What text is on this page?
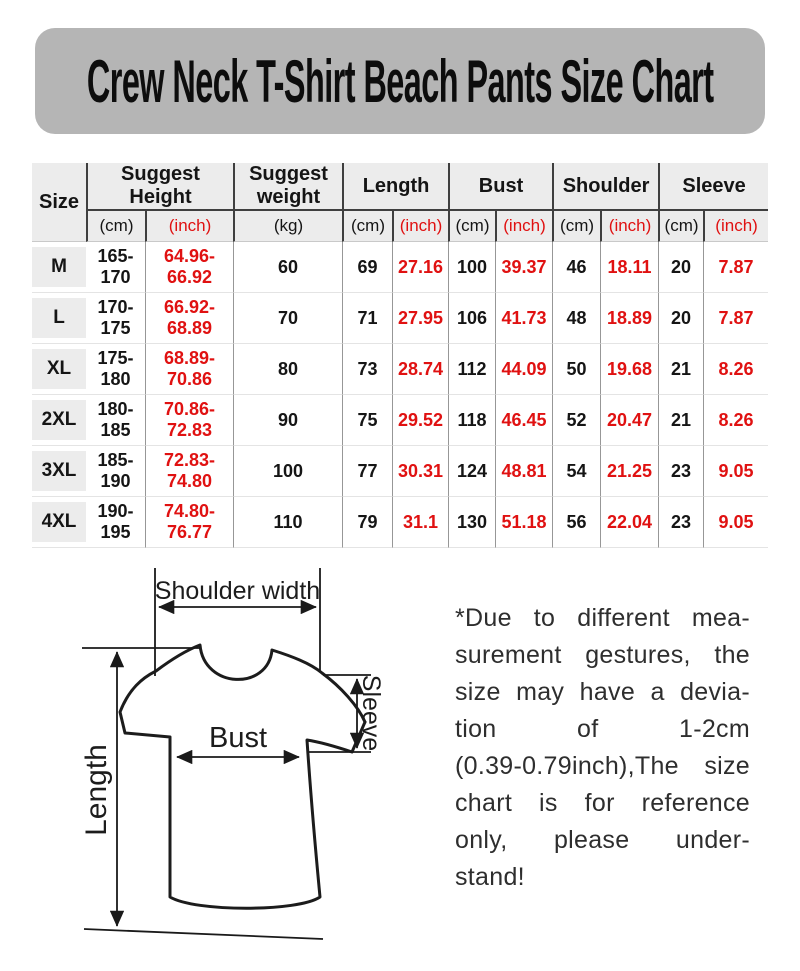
Crew Neck T-Shirt Beach Pants Size Chart
Size	Suggest Height		Suggest weight	Length		Bust		Shoulder		Sleeve	
	(cm)	(inch)	(kg)	(cm)	(inch)	(cm)	(inch)	(cm)	(inch)	(cm)	(inch)

M	165-170	64.96-66.92	60	69	27.16	100	39.37	46	18.11	20	7.87

L	170-175	66.92-68.89	70	71	27.95	106	41.73	48	18.89	20	7.87

XL	175-180	68.89-70.86	80	73	28.74	112	44.09	50	19.68	21	8.26

2XL	180-185	70.86-72.83	90	75	29.52	118	46.45	52	20.47	21	8.26

3XL	185-190	72.83-74.80	100	77	30.31	124	48.81	54	21.25	23	9.05

4XL	190-195	74.80-76.77	110	79	31.1	130	51.18	56	22.04	23	9.05
Shoulder width
Length
Bust	Sleeve
*Due to different mea-
surement gestures, the
size may have a devia-
tion of 1-2cm
(0.39-0.79inch),The size
chart is for reference
only, please under-
stand!
